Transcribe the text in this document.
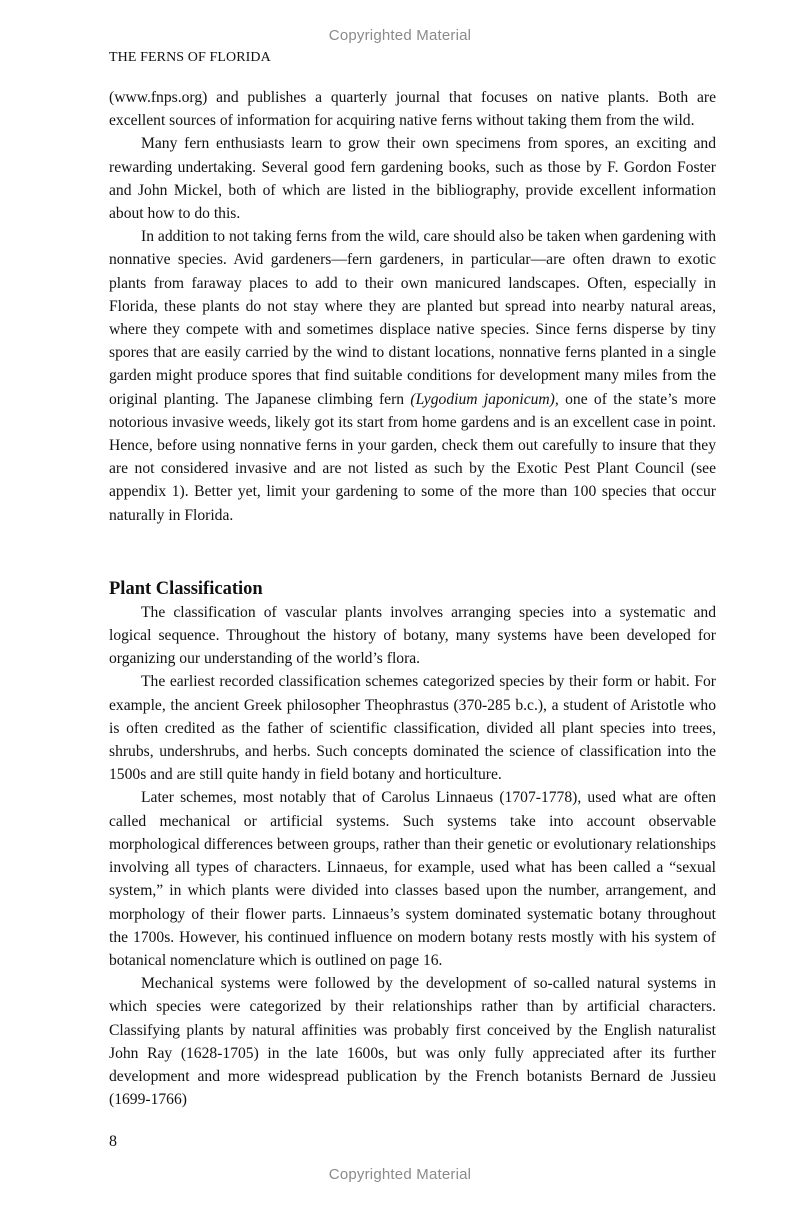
Copyrighted Material
THE FERNS OF FLORIDA

(www.fnps.org) and publishes a quarterly journal that focuses on native plants. Both are excellent sources of information for acquiring native ferns without taking them from the wild.

Many fern enthusiasts learn to grow their own specimens from spores, an exciting and rewarding undertaking. Several good fern gardening books, such as those by F. Gordon Foster and John Mickel, both of which are listed in the bibliography, provide excellent information about how to do this.

In addition to not taking ferns from the wild, care should also be taken when gardening with nonnative species. Avid gardeners—fern gardeners, in particular—are often drawn to exotic plants from faraway places to add to their own manicured landscapes. Often, especially in Florida, these plants do not stay where they are planted but spread into nearby natural areas, where they compete with and sometimes displace native species. Since ferns disperse by tiny spores that are easily carried by the wind to distant locations, nonnative ferns planted in a single garden might produce spores that find suitable conditions for development many miles from the original planting. The Japanese climbing fern (Lygodium japonicum), one of the state’s more notorious invasive weeds, likely got its start from home gardens and is an excellent case in point. Hence, before using nonnative ferns in your garden, check them out carefully to insure that they are not considered invasive and are not listed as such by the Exotic Pest Plant Council (see appendix 1). Better yet, limit your gardening to some of the more than 100 species that occur naturally in Florida.

Plant Classification

The classification of vascular plants involves arranging species into a systematic and logical sequence. Throughout the history of botany, many systems have been developed for organizing our understanding of the world’s flora.

The earliest recorded classification schemes categorized species by their form or habit. For example, the ancient Greek philosopher Theophrastus (370-285 b.c.), a student of Aristotle who is often credited as the father of scientific classification, divided all plant species into trees, shrubs, undershrubs, and herbs. Such concepts dominated the science of classification into the 1500s and are still quite handy in field botany and horticulture.

Later schemes, most notably that of Carolus Linnaeus (1707-1778), used what are often called mechanical or artificial systems. Such systems take into account observable morphological differences between groups, rather than their genetic or evolutionary relationships involving all types of characters. Linnaeus, for example, used what has been called a “sexual system,” in which plants were divided into classes based upon the number, arrangement, and morphology of their flower parts. Linnaeus’s system dominated systematic botany throughout the 1700s. However, his continued influence on modern botany rests mostly with his system of botanical nomenclature which is outlined on page 16.

Mechanical systems were followed by the development of so-called natural systems in which species were categorized by their relationships rather than by artificial characters. Classifying plants by natural affinities was probably first conceived by the English naturalist John Ray (1628-1705) in the late 1600s, but was only fully appreciated after its further development and more widespread publication by the French botanists Bernard de Jussieu (1699-1766)

8
Copyrighted Material
